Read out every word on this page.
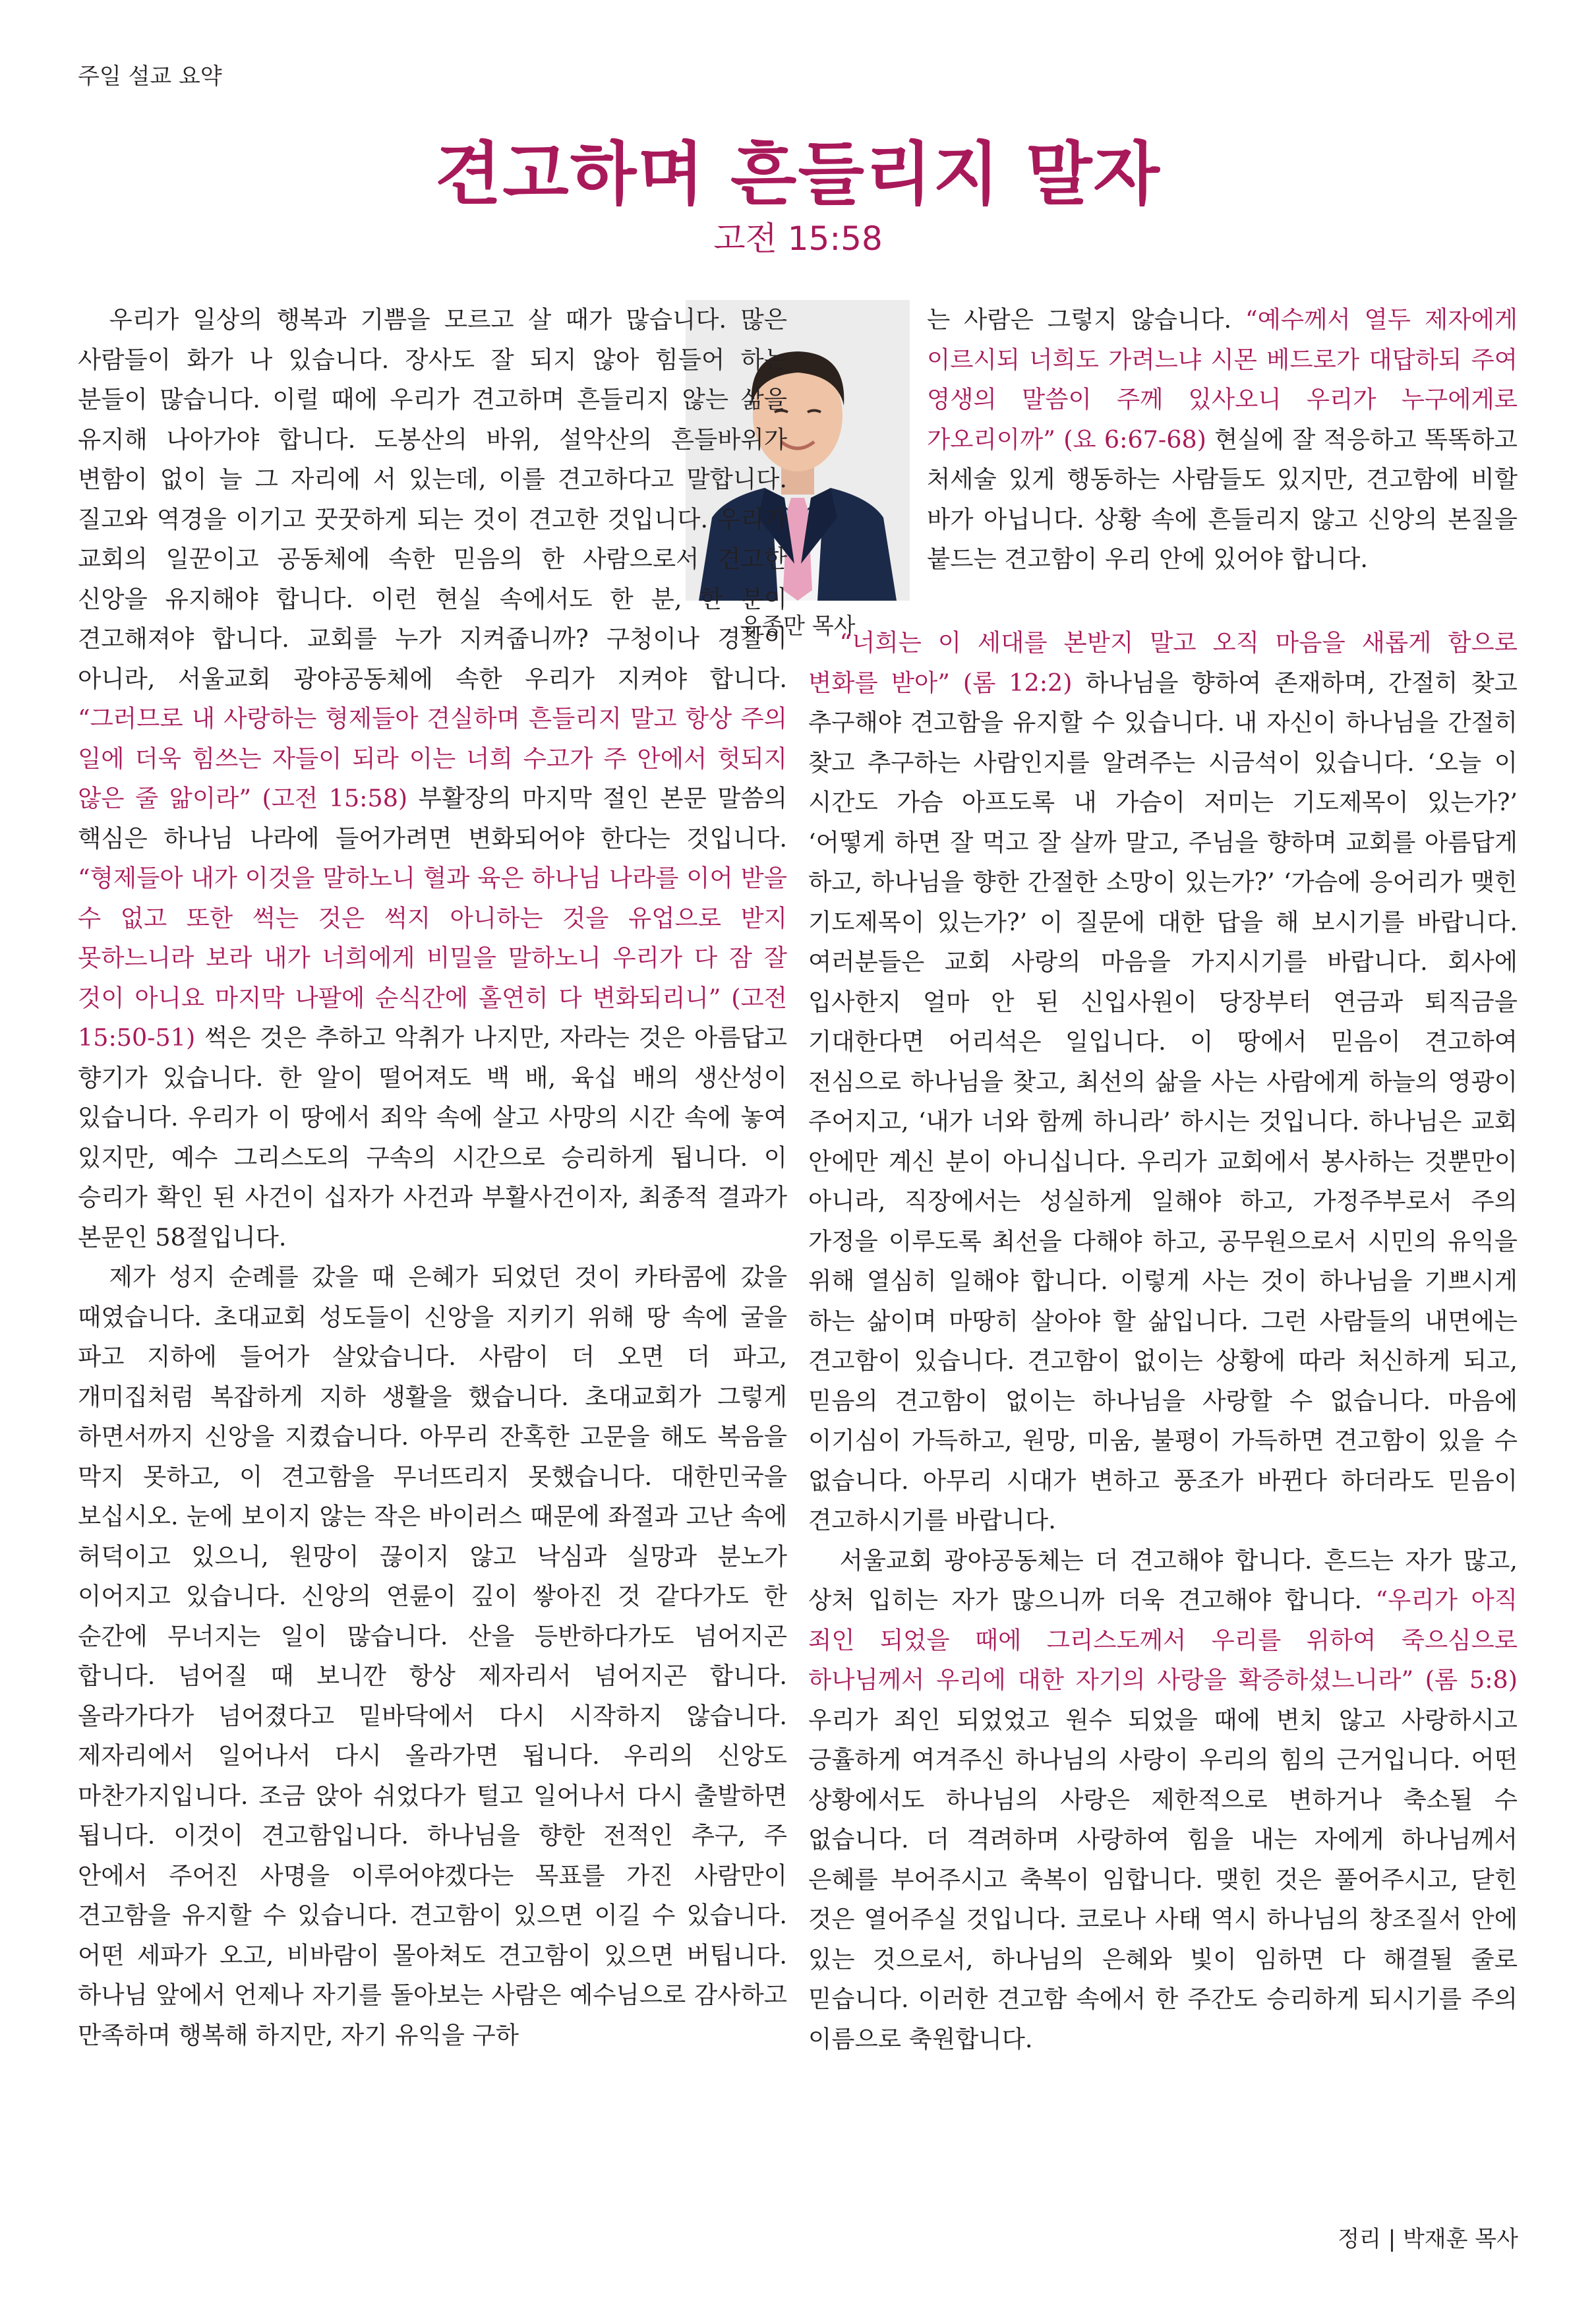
주일 설교 요약
견고하며 흔들리지 말자
고전 15:58
유종만 목사

우리가 일상의 행복과 기쁨을 모르고 살 때가 많습니다. 많은 사람들이 화가 나 있습니다. 장사도 잘 되지 않아 힘들어 하는 분들이 많습니다. 이럴 때에 우리가 견고하며 흔들리지 않는 삶을 유지해 나아가야 합니다. 도봉산의 바위, 설악산의 흔들바위가 변함이 없이 늘 그 자리에 서 있는데, 이를 견고하다고 말합니다. 질고와 역경을 이기고 꿋꿋하게 되는 것이 견고한 것입니다. 우리가 교회의 일꾼이고 공동체에 속한 믿음의 한 사람으로서 견고한 신앙을 유지해야 합니다. 이런 현실 속에서도 한 분, 한 분이 견고해져야 합니다. 교회를 누가 지켜줍니까? 구청이나 경찰이 아니라, 서울교회 광야공동체에 속한 우리가 지켜야 합니다. “그러므로 내 사랑하는 형제들아 견실하며 흔들리지 말고 항상 주의 일에 더욱 힘쓰는 자들이 되라 이는 너희 수고가 주 안에서 헛되지 않은 줄 앎이라” (고전 15:58) 부활장의 마지막 절인 본문 말씀의 핵심은 하나님 나라에 들어가려면 변화되어야 한다는 것입니다. “형제들아 내가 이것을 말하노니 혈과 육은 하나님 나라를 이어 받을 수 없고 또한 썩는 것은 썩지 아니하는 것을 유업으로 받지 못하느니라 보라 내가 너희에게 비밀을 말하노니 우리가 다 잠 잘 것이 아니요 마지막 나팔에 순식간에 홀연히 다 변화되리니” (고전 15:50-51) 썩은 것은 추하고 악취가 나지만, 자라는 것은 아름답고 향기가 있습니다. 한 알이 떨어져도 백 배, 육십 배의 생산성이 있습니다. 우리가 이 땅에서 죄악 속에 살고 사망의 시간 속에 놓여 있지만, 예수 그리스도의 구속의 시간으로 승리하게 됩니다. 이 승리가 확인 된 사건이 십자가 사건과 부활사건이자, 최종적 결과가 본문인 58절입니다.

제가 성지 순례를 갔을 때 은혜가 되었던 것이 카타콤에 갔을 때였습니다. 초대교회 성도들이 신앙을 지키기 위해 땅 속에 굴을 파고 지하에 들어가 살았습니다. 사람이 더 오면 더 파고, 개미집처럼 복잡하게 지하 생활을 했습니다. 초대교회가 그렇게 하면서까지 신앙을 지켰습니다. 아무리 잔혹한 고문을 해도 복음을 막지 못하고, 이 견고함을 무너뜨리지 못했습니다. 대한민국을 보십시오. 눈에 보이지 않는 작은 바이러스 때문에 좌절과 고난 속에 허덕이고 있으니, 원망이 끊이지 않고 낙심과 실망과 분노가 이어지고 있습니다. 신앙의 연륜이 깊이 쌓아진 것 같다가도 한 순간에 무너지는 일이 많습니다. 산을 등반하다가도 넘어지곤 합니다. 넘어질 때 보니깐 항상 제자리서 넘어지곤 합니다. 올라가다가 넘어졌다고 밑바닥에서 다시 시작하지 않습니다. 제자리에서 일어나서 다시 올라가면 됩니다. 우리의 신앙도 마찬가지입니다. 조금 앉아 쉬었다가 털고 일어나서 다시 출발하면 됩니다. 이것이 견고함입니다. 하나님을 향한 전적인 추구, 주 안에서 주어진 사명을 이루어야겠다는 목표를 가진 사람만이 견고함을 유지할 수 있습니다. 견고함이 있으면 이길 수 있습니다. 어떤 세파가 오고, 비바람이 몰아쳐도 견고함이 있으면 버팁니다. 하나님 앞에서 언제나 자기를 돌아보는 사람은 예수님으로 감사하고 만족하며 행복해 하지만, 자기 유익을 구하

는 사람은 그렇지 않습니다. “예수께서 열두 제자에게 이르시되 너희도 가려느냐 시몬 베드로가 대답하되 주여 영생의 말씀이 주께 있사오니 우리가 누구에게로 가오리이까” (요 6:67-68) 현실에 잘 적응하고 똑똑하고 처세술 있게 행동하는 사람들도 있지만, 견고함에 비할 바가 아닙니다. 상황 속에 흔들리지 않고 신앙의 본질을 붙드는 견고함이 우리 안에 있어야 합니다.

“너희는 이 세대를 본받지 말고 오직 마음을 새롭게 함으로 변화를 받아” (롬 12:2) 하나님을 향하여 존재하며, 간절히 찾고 추구해야 견고함을 유지할 수 있습니다. 내 자신이 하나님을 간절히 찾고 추구하는 사람인지를 알려주는 시금석이 있습니다. ‘오늘 이 시간도 가슴 아프도록 내 가슴이 저미는 기도제목이 있는가?’ ‘어떻게 하면 잘 먹고 잘 살까 말고, 주님을 향하며 교회를 아름답게 하고, 하나님을 향한 간절한 소망이 있는가?’ ‘가슴에 응어리가 맺힌 기도제목이 있는가?’ 이 질문에 대한 답을 해 보시기를 바랍니다. 여러분들은 교회 사랑의 마음을 가지시기를 바랍니다. 회사에 입사한지 얼마 안 된 신입사원이 당장부터 연금과 퇴직금을 기대한다면 어리석은 일입니다. 이 땅에서 믿음이 견고하여 전심으로 하나님을 찾고, 최선의 삶을 사는 사람에게 하늘의 영광이 주어지고, ‘내가 너와 함께 하니라’ 하시는 것입니다. 하나님은 교회 안에만 계신 분이 아니십니다. 우리가 교회에서 봉사하는 것뿐만이 아니라, 직장에서는 성실하게 일해야 하고, 가정주부로서 주의 가정을 이루도록 최선을 다해야 하고, 공무원으로서 시민의 유익을 위해 열심히 일해야 합니다. 이렇게 사는 것이 하나님을 기쁘시게 하는 삶이며 마땅히 살아야 할 삶입니다. 그런 사람들의 내면에는 견고함이 있습니다. 견고함이 없이는 상황에 따라 처신하게 되고, 믿음의 견고함이 없이는 하나님을 사랑할 수 없습니다. 마음에 이기심이 가득하고, 원망, 미움, 불평이 가득하면 견고함이 있을 수 없습니다. 아무리 시대가 변하고 풍조가 바뀐다 하더라도 믿음이 견고하시기를 바랍니다.

서울교회 광야공동체는 더 견고해야 합니다. 흔드는 자가 많고, 상처 입히는 자가 많으니까 더욱 견고해야 합니다. “우리가 아직 죄인 되었을 때에 그리스도께서 우리를 위하여 죽으심으로 하나님께서 우리에 대한 자기의 사랑을 확증하셨느니라” (롬 5:8) 우리가 죄인 되었었고 원수 되었을 때에 변치 않고 사랑하시고 긍휼하게 여겨주신 하나님의 사랑이 우리의 힘의 근거입니다. 어떤 상황에서도 하나님의 사랑은 제한적으로 변하거나 축소될 수 없습니다. 더 격려하며 사랑하여 힘을 내는 자에게 하나님께서 은혜를 부어주시고 축복이 임합니다. 맺힌 것은 풀어주시고, 닫힌 것은 열어주실 것입니다. 코로나 사태 역시 하나님의 창조질서 안에 있는 것으로서, 하나님의 은혜와 빛이 임하면 다 해결될 줄로 믿습니다. 이러한 견고함 속에서 한 주간도 승리하게 되시기를 주의 이름으로 축원합니다.

정리 | 박재훈 목사
